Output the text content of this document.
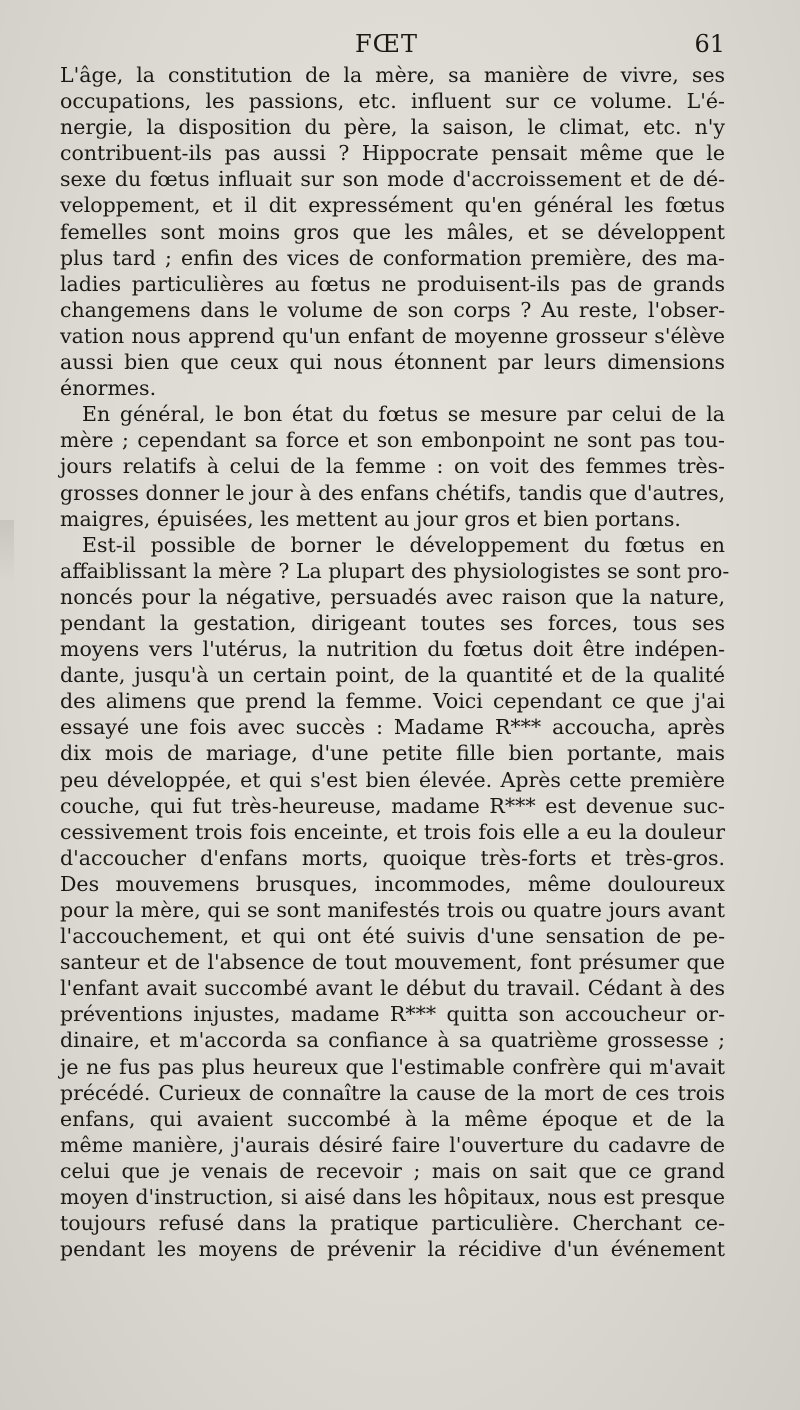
FŒT	61
L'âge, la constitution de la mère, sa manière de vivre, ses
occupations, les passions, etc. influent sur ce volume. L'é-
nergie, la disposition du père, la saison, le climat, etc. n'y
contribuent-ils pas aussi ? Hippocrate pensait même que le
sexe du fœtus influait sur son mode d'accroissement et de dé-
veloppement, et il dit expressément qu'en général les fœtus
femelles sont moins gros que les mâles, et se développent
plus tard ; enfin des vices de conformation première, des ma-
ladies particulières au fœtus ne produisent-ils pas de grands
changemens dans le volume de son corps ? Au reste, l'obser-
vation nous apprend qu'un enfant de moyenne grosseur s'élève
aussi bien que ceux qui nous étonnent par leurs dimensions
énormes.
En général, le bon état du fœtus se mesure par celui de la
mère ; cependant sa force et son embonpoint ne sont pas tou-
jours relatifs à celui de la femme : on voit des femmes très-
grosses donner le jour à des enfans chétifs, tandis que d'autres,
maigres, épuisées, les mettent au jour gros et bien portans.
Est-il possible de borner le développement du fœtus en
affaiblissant la mère ? La plupart des physiologistes se sont pro-
noncés pour la négative, persuadés avec raison que la nature,
pendant la gestation, dirigeant toutes ses forces, tous ses
moyens vers l'utérus, la nutrition du fœtus doit être indépen-
dante, jusqu'à un certain point, de la quantité et de la qualité
des alimens que prend la femme. Voici cependant ce que j'ai
essayé une fois avec succès : Madame R*** accoucha, après
dix mois de mariage, d'une petite fille bien portante, mais
peu développée, et qui s'est bien élevée. Après cette première
couche, qui fut très-heureuse, madame R*** est devenue suc-
cessivement trois fois enceinte, et trois fois elle a eu la douleur
d'accoucher d'enfans morts, quoique très-forts et très-gros.
Des mouvemens brusques, incommodes, même douloureux
pour la mère, qui se sont manifestés trois ou quatre jours avant
l'accouchement, et qui ont été suivis d'une sensation de pe-
santeur et de l'absence de tout mouvement, font présumer que
l'enfant avait succombé avant le début du travail. Cédant à des
préventions injustes, madame R*** quitta son accoucheur or-
dinaire, et m'accorda sa confiance à sa quatrième grossesse ;
je ne fus pas plus heureux que l'estimable confrère qui m'avait
précédé. Curieux de connaître la cause de la mort de ces trois
enfans, qui avaient succombé à la même époque et de la
même manière, j'aurais désiré faire l'ouverture du cadavre de
celui que je venais de recevoir ; mais on sait que ce grand
moyen d'instruction, si aisé dans les hôpitaux, nous est presque
toujours refusé dans la pratique particulière. Cherchant ce-
pendant les moyens de prévenir la récidive d'un événement
